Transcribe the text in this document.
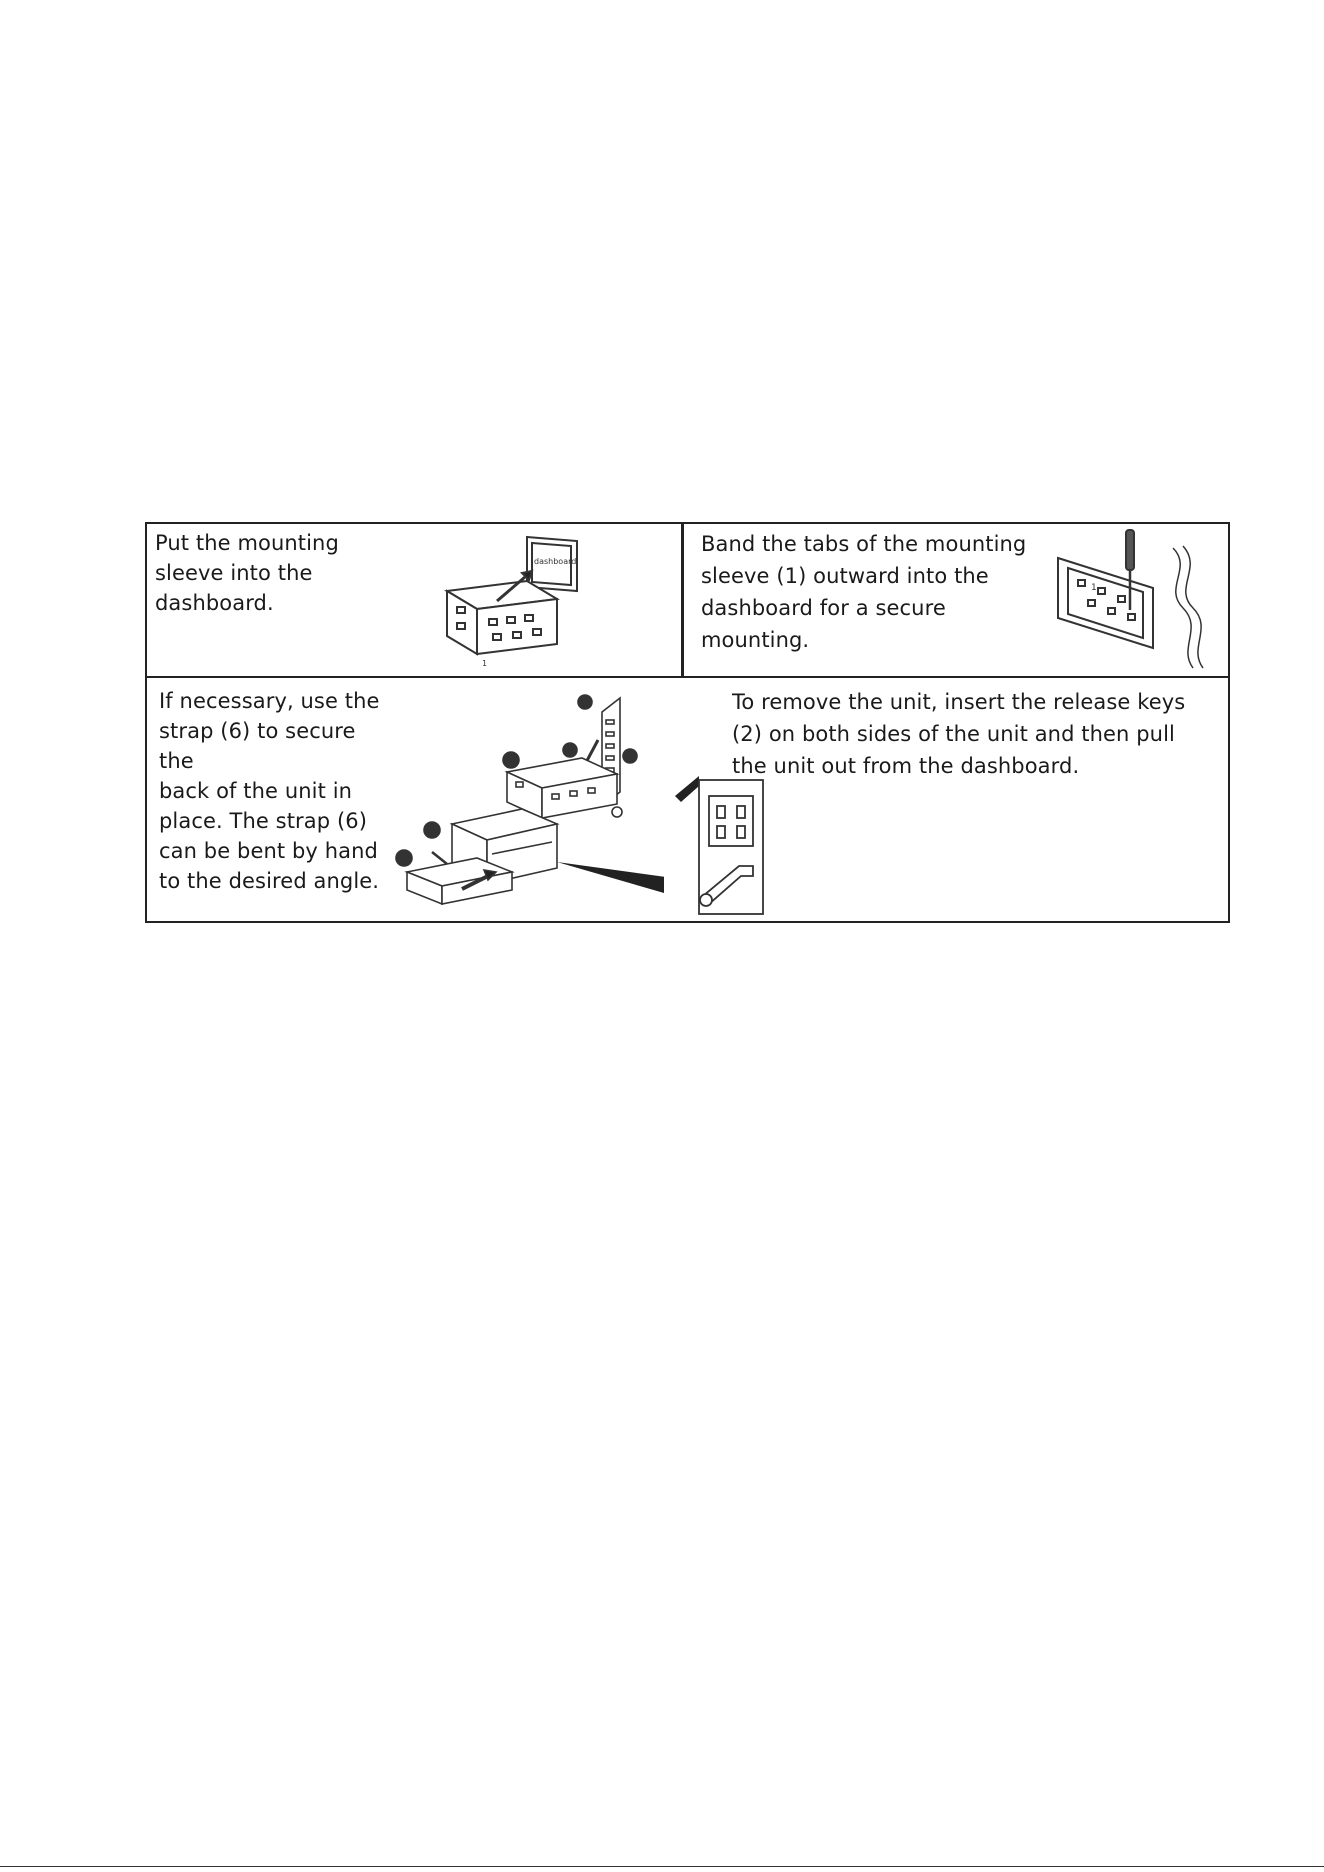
Put the mounting
sleeve into the
dashboard.
Band the tabs of the mounting
sleeve (1) outward into the
dashboard for a secure
mounting.
If necessary, use the
strap (6) to secure the
back of the unit in
place. The strap (6)
can be bent by hand
to the desired angle.
To remove the unit, insert the release keys
(2) on both sides of the unit and then pull
the unit out from the dashboard.
dashboard
1
1
6
4	5
1
2
3
